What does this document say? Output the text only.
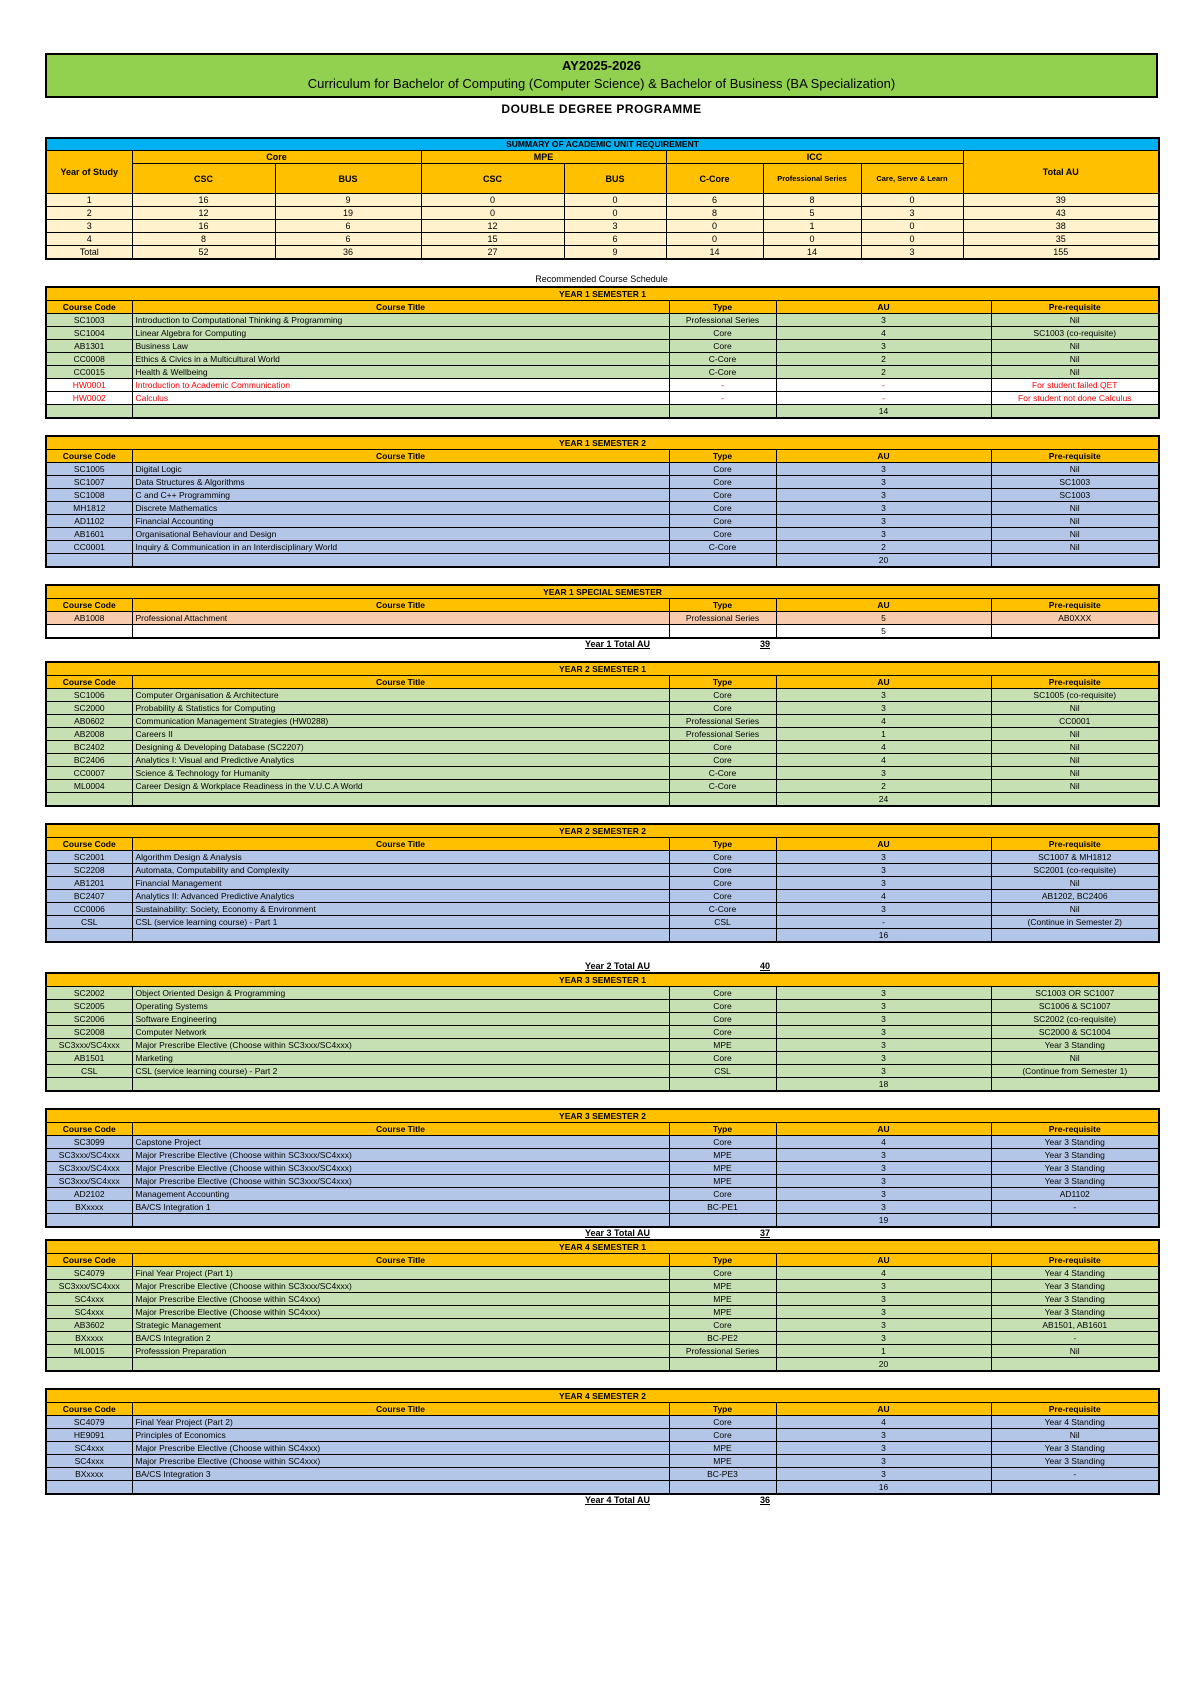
AY2025-2026
Curriculum for Bachelor of Computing (Computer Science) & Bachelor of Business (BA Specialization)
DOUBLE DEGREE PROGRAMME
SUMMARY OF ACADEMIC UNIT REQUIREMENT								
Year of Study	Core		MPE		ICC			Total AU
	CSC	BUS	CSC	BUS	C-Core	Professional Series	Care, Serve & Learn	
1	16	9	0	0	6	8	0	39
2	12	19	0	0	8	5	3	43
3	16	6	12	3	0	1	0	38
4	8	6	15	6	0	0	0	35
Total	52	36	27	9	14	14	3	155
Recommended Course Schedule
YEAR 1 SEMESTER 1				
Course Code	Course Title	Type	AU	Pre-requisite
SC1003	Introduction to Computational Thinking & Programming	Professional Series	3	Nil
SC1004	Linear Algebra for Computing	Core	4	SC1003 (co-requisite)
AB1301	Business Law	Core	3	Nil
CC0008	Ethics & Civics in a Multicultural World	C-Core	2	Nil
CC0015	Health & Wellbeing	C-Core	2	Nil
HW0001	Introduction to Academic Communication	-	-	For student failed QET
HW0002	Calculus	-	-	For student not done Calculus
			14	
YEAR 1 SEMESTER 2				
Course Code	Course Title	Type	AU	Pre-requisite
SC1005	Digital Logic	Core	3	Nil
SC1007	Data Structures & Algorithms	Core	3	SC1003
SC1008	C and C++ Programming	Core	3	SC1003
MH1812	Discrete Mathematics	Core	3	Nil
AD1102	Financial Accounting	Core	3	Nil
AB1601	Organisational Behaviour and Design	Core	3	Nil
CC0001	Inquiry & Communication in an Interdisciplinary World	C-Core	2	Nil
			20	
YEAR 1 SPECIAL SEMESTER				
Course Code	Course Title	Type	AU	Pre-requisite
AB1008	Professional Attachment	Professional Series	5	AB0XXX
			5	
Year 1 Total AU	39
YEAR 2 SEMESTER 1				
Course Code	Course Title	Type	AU	Pre-requisite
SC1006	Computer Organisation & Architecture	Core	3	SC1005 (co-requisite)
SC2000	Probability & Statistics for Computing	Core	3	Nil
AB0602	Communication Management Strategies (HW0288)	Professional Series	4	CC0001
AB2008	Careers II	Professional Series	1	Nil
BC2402	Designing & Developing Database (SC2207)	Core	4	Nil
BC2406	Analytics I: Visual and Predictive Analytics	Core	4	Nil
CC0007	Science & Technology for Humanity	C-Core	3	Nil
ML0004	Career Design & Workplace Readiness in the V.U.C.A World	C-Core	2	Nil
			24	
YEAR 2 SEMESTER 2				
Course Code	Course Title	Type	AU	Pre-requisite
SC2001	Algorithm Design & Analysis	Core	3	SC1007 & MH1812
SC2208	Automata, Computability and Complexity	Core	3	SC2001 (co-requisite)
AB1201	Financial Management	Core	3	Nil
BC2407	Analytics II: Advanced Predictive Analytics	Core	4	AB1202, BC2406
CC0006	Sustainability: Society, Economy & Environment	C-Core	3	Nil
CSL	CSL (service learning course) - Part 1	CSL	-	(Continue in Semester 2)
			16	
Year 2 Total AU	40
YEAR 3 SEMESTER 1				
SC2002	Object Oriented Design & Programming	Core	3	SC1003 OR SC1007
SC2005	Operating Systems	Core	3	SC1006 & SC1007
SC2006	Software Engineering	Core	3	SC2002 (co-requisite)
SC2008	Computer Network	Core	3	SC2000 & SC1004
SC3xxx/SC4xxx	Major Prescribe Elective (Choose within SC3xxx/SC4xxx)	MPE	3	Year 3 Standing
AB1501	Marketing	Core	3	Nil
CSL	CSL (service learning course) - Part 2	CSL	3	(Continue from Semester 1)
			18	
YEAR 3 SEMESTER 2				
Course Code	Course Title	Type	AU	Pre-requisite
SC3099	Capstone Project	Core	4	Year 3 Standing
SC3xxx/SC4xxx	Major Prescribe Elective (Choose within SC3xxx/SC4xxx)	MPE	3	Year 3 Standing
SC3xxx/SC4xxx	Major Prescribe Elective (Choose within SC3xxx/SC4xxx)	MPE	3	Year 3 Standing
SC3xxx/SC4xxx	Major Prescribe Elective (Choose within SC3xxx/SC4xxx)	MPE	3	Year 3 Standing
AD2102	Management Accounting	Core	3	AD1102
BXxxxx	BA/CS Integration 1	BC-PE1	3	-
			19	
Year 3 Total AU	37
YEAR 4 SEMESTER 1				
Course Code	Course Title	Type	AU	Pre-requisite
SC4079	Final Year Project (Part 1)	Core	4	Year 4 Standing
SC3xxx/SC4xxx	Major Prescribe Elective (Choose within SC3xxx/SC4xxx)	MPE	3	Year 3 Standing
SC4xxx	Major Prescribe Elective (Choose within SC4xxx)	MPE	3	Year 3 Standing
SC4xxx	Major Prescribe Elective (Choose within SC4xxx)	MPE	3	Year 3 Standing
AB3602	Strategic Management	Core	3	AB1501, AB1601
BXxxxx	BA/CS Integration 2	BC-PE2	3	-
ML0015	Professsion Preparation	Professional Series	1	Nil
			20	
YEAR 4 SEMESTER 2				
Course Code	Course Title	Type	AU	Pre-requisite
SC4079	Final Year Project (Part 2)	Core	4	Year 4 Standing
HE9091	Principles of Economics	Core	3	Nil
SC4xxx	Major Prescribe Elective (Choose within SC4xxx)	MPE	3	Year 3 Standing
SC4xxx	Major Prescribe Elective (Choose within SC4xxx)	MPE	3	Year 3 Standing
BXxxxx	BA/CS Integration 3	BC-PE3	3	-
			16	
Year 4 Total AU	36
